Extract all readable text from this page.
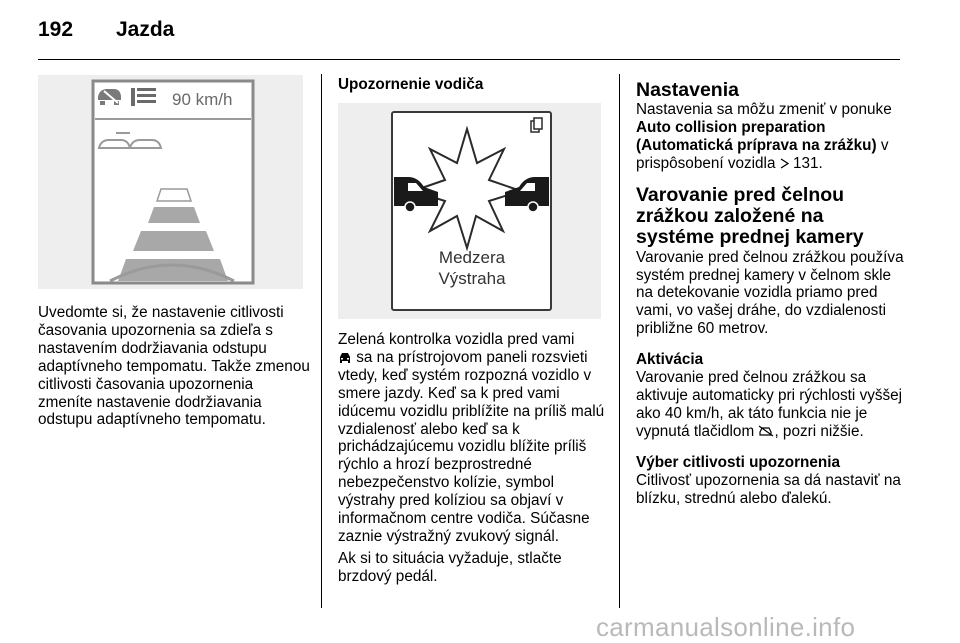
192 Jazda
90 km/h

Uvedomte si, že nastavenie citlivosti časovania upozornenia sa zdieľa s nastavením dodržiavania odstupu adaptívneho tempomatu. Takže zmenou citlivosti časovania upozornenia zmeníte nastavenie dodržiavania odstupu adaptívneho tempomatu.

Upozornenie vodiča

Medzera
Výstraha

Zelená kontrolka vozidla pred vami
sa na prístrojovom paneli rozsvieti vtedy, keď systém rozpozná vozidlo v smere jazdy. Keď sa k pred vami idúcemu vozidlu priblížite na príliš malú vzdialenosť alebo keď sa k prichádzajúcemu vozidlu blížite príliš rýchlo a hrozí bezprostredné nebezpečenstvo kolízie, symbol výstrahy pred kolíziou sa objaví v informačnom centre vodiča. Súčasne zaznie výstražný zvukový signál.

Ak si to situácia vyžaduje, stlačte brzdový pedál.

Nastavenia

Nastavenia sa môžu zmeniť v ponuke Auto collision preparation (Automatická príprava na zrážku) v prispôsobení vozidla 131.

Varovanie pred čelnou zrážkou založené na systéme prednej kamery

Varovanie pred čelnou zrážkou používa systém prednej kamery v čelnom skle na detekovanie vozidla priamo pred vami, vo vašej dráhe, do vzdialenosti približne 60 metrov.

Aktivácia

Varovanie pred čelnou zrážkou sa aktivuje automaticky pri rýchlosti vyššej ako 40 km/h, ak táto funkcia nie je vypnutá tlačidlom , pozri nižšie.

Výber citlivosti upozornenia

Citlivosť upozornenia sa dá nastaviť na blízku, strednú alebo ďalekú.

carmanualsonline.info
